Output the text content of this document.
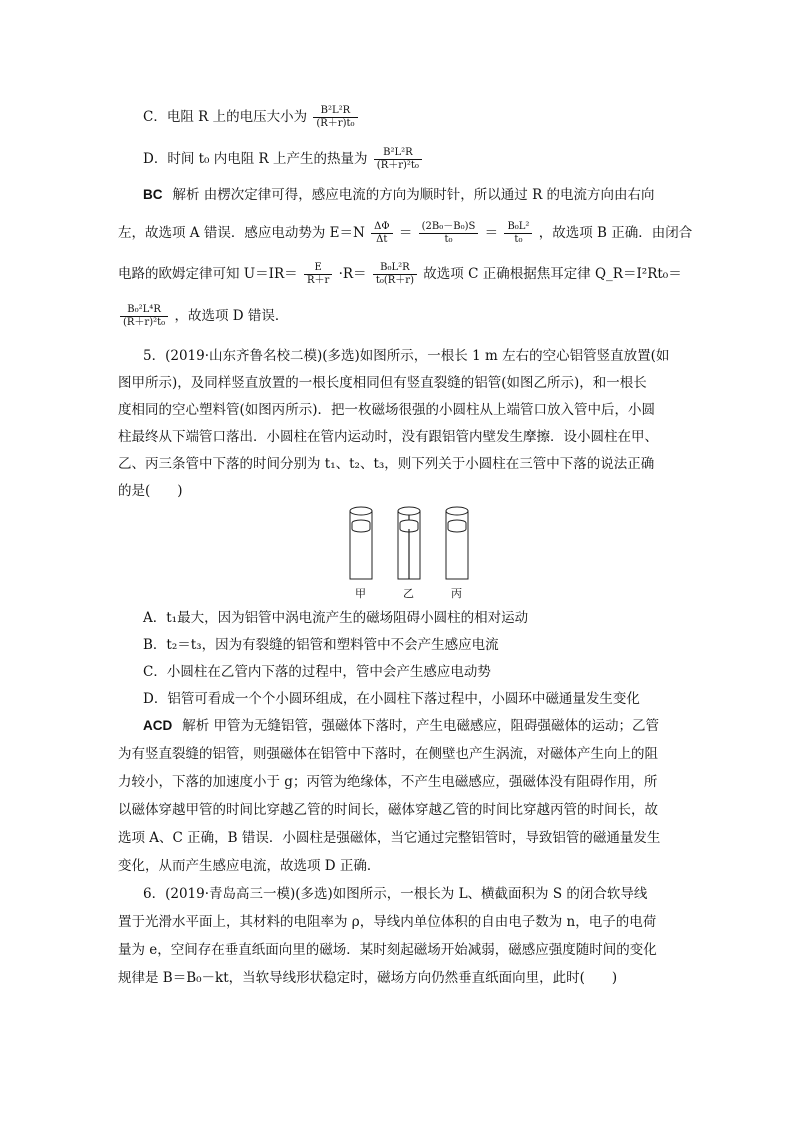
C．电阻 R 上的电压大小为 $\frac{\text{B²L²R}}{\text{(R＋r)t₀}}$
D．时间 t₀ 内电阻 R 上产生的热量为 $\frac{\text{B²L²R}}{\text{(R＋r)²t₀}}$
BC 解析 由楞次定律可得，感应电流的方向为顺时针，所以通过 R 的电流方向由右向
左，故选项 A 错误．感应电动势为 $E=N \frac{\Delta\Phi}{\Delta t} = \frac{\text{(2B₀－B₀)S}}{\text{t₀}} = \frac{\text{B₀L²}}{\text{t₀}}$ ，故选项 B 正确．由闭合
电路的欧姆定律可知 $U=IR= \frac{E}{R+r} \cdot R= \frac{\text{B₀L²R}}{\text{t₀(R＋r)}}$ 故选项 C 正确根据焦耳定律 Q_R＝I²Rt₀＝
$\frac{\text{B₀²L⁴R}}{\text{(R＋r)²t₀}}$ ，故选项 D 错误．
5．(2019·山东齐鲁名校二模)(多选)如图所示，一根长 1 m 左右的空心铝管竖直放置(如
图甲所示)，及同样竖直放置的一根长度相同但有竖直裂缝的铝管(如图乙所示)，和一根长
度相同的空心塑料管(如图丙所示)．把一枚磁场很强的小圆柱从上端管口放入管中后，小圆
柱最终从下端管口落出．小圆柱在管内运动时，没有跟铝管内壁发生摩擦．设小圆柱在甲、
乙、丙三条管中下落的时间分别为 t₁、t₂、t₃，则下列关于小圆柱在三管中下落的说法正确
的是(　　)
甲	乙	丙
A．t₁最大，因为铝管中涡电流产生的磁场阻碍小圆柱的相对运动
B．t₂＝t₃，因为有裂缝的铝管和塑料管中不会产生感应电流
C．小圆柱在乙管内下落的过程中，管中会产生感应电动势
D．铝管可看成一个个小圆环组成，在小圆柱下落过程中，小圆环中磁通量发生变化
ACD 解析 甲管为无缝铝管，强磁体下落时，产生电磁感应，阻碍强磁体的运动；乙管
为有竖直裂缝的铝管，则强磁体在铝管中下落时，在侧壁也产生涡流，对磁体产生向上的阻
力较小，下落的加速度小于 g；丙管为绝缘体，不产生电磁感应，强磁体没有阻碍作用，所
以磁体穿越甲管的时间比穿越乙管的时间长，磁体穿越乙管的时间比穿越丙管的时间长，故
选项 A、C 正确，B 错误．小圆柱是强磁体，当它通过完整铝管时，导致铝管的磁通量发生
变化，从而产生感应电流，故选项 D 正确．
6．(2019·青岛高三一模)(多选)如图所示，一根长为 L、横截面积为 S 的闭合软导线
置于光滑水平面上，其材料的电阻率为 ρ，导线内单位体积的自由电子数为 n，电子的电荷
量为 e，空间存在垂直纸面向里的磁场．某时刻起磁场开始减弱，磁感应强度随时间的变化
规律是 B＝B₀－kt，当软导线形状稳定时，磁场方向仍然垂直纸面向里，此时(　　)
